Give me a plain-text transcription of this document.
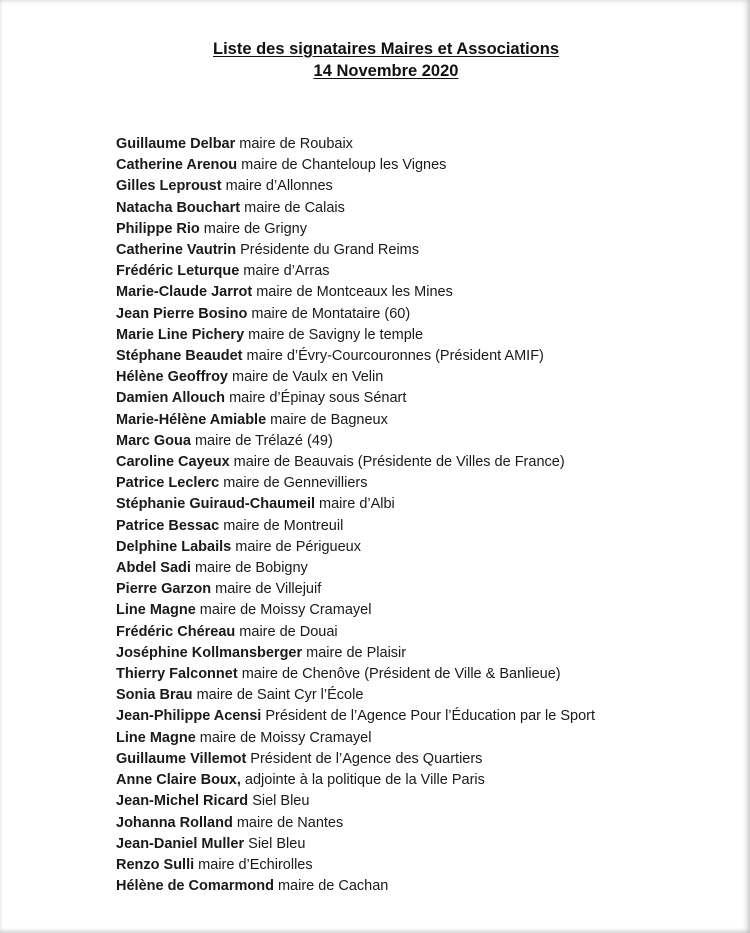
Liste des signataires Maires et Associations
14 Novembre 2020
Guillaume Delbar maire de Roubaix
Catherine Arenou maire de Chanteloup les Vignes
Gilles Leproust maire d’Allonnes
Natacha Bouchart maire de Calais
Philippe Rio maire de Grigny
Catherine Vautrin Présidente du Grand Reims
Frédéric Leturque maire d’Arras
Marie-Claude Jarrot maire de Montceaux les Mines
Jean Pierre Bosino maire de Montataire (60)
Marie Line Pichery maire de Savigny le temple
Stéphane Beaudet maire d’Évry-Courcouronnes (Président AMIF)
Hélène Geoffroy maire de Vaulx en Velin
Damien Allouch maire d’Épinay sous Sénart
Marie-Hélène Amiable maire de Bagneux
Marc Goua maire de Trélazé (49)
Caroline Cayeux maire de Beauvais (Présidente de Villes de France)
Patrice Leclerc maire de Gennevilliers
Stéphanie Guiraud-Chaumeil maire d’Albi
Patrice Bessac maire de Montreuil
Delphine Labails maire de Périgueux
Abdel Sadi maire de Bobigny
Pierre Garzon maire de Villejuif
Line Magne maire de Moissy Cramayel
Frédéric Chéreau maire de Douai
Joséphine Kollmansberger maire de Plaisir
Thierry Falconnet maire de Chenôve (Président de Ville & Banlieue)
Sonia Brau maire de Saint Cyr l’École
Jean-Philippe Acensi Président de l’Agence Pour l’Éducation par le Sport
Line Magne maire de Moissy Cramayel
Guillaume Villemot Président de l’Agence des Quartiers
Anne Claire Boux, adjointe à la politique de la Ville Paris
Jean-Michel Ricard Siel Bleu
Johanna Rolland maire de Nantes
Jean-Daniel Muller Siel Bleu
Renzo Sulli maire d’Echirolles
Hélène de Comarmond maire de Cachan
